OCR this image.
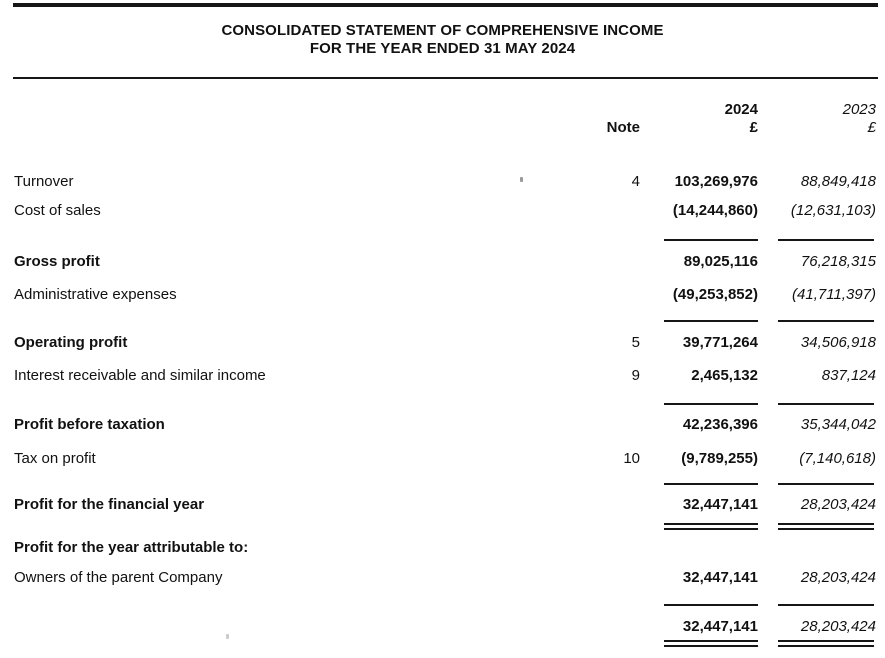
CONSOLIDATED STATEMENT OF COMPREHENSIVE INCOME
FOR THE YEAR ENDED 31 MAY 2024
2024	2023
Note	£	£
Turnover	4	103,269,976	88,849,418
Cost of sales	(14,244,860)	(12,631,103)
Gross profit	89,025,116	76,218,315
Administrative expenses	(49,253,852)	(41,711,397)
Operating profit	5	39,771,264	34,506,918
Interest receivable and similar income	9	2,465,132	837,124
Profit before taxation	42,236,396	35,344,042
Tax on profit	10	(9,789,255)	(7,140,618)
Profit for the financial year	32,447,141	28,203,424
Profit for the year attributable to:
Owners of the parent Company	32,447,141	28,203,424
32,447,141	28,203,424
